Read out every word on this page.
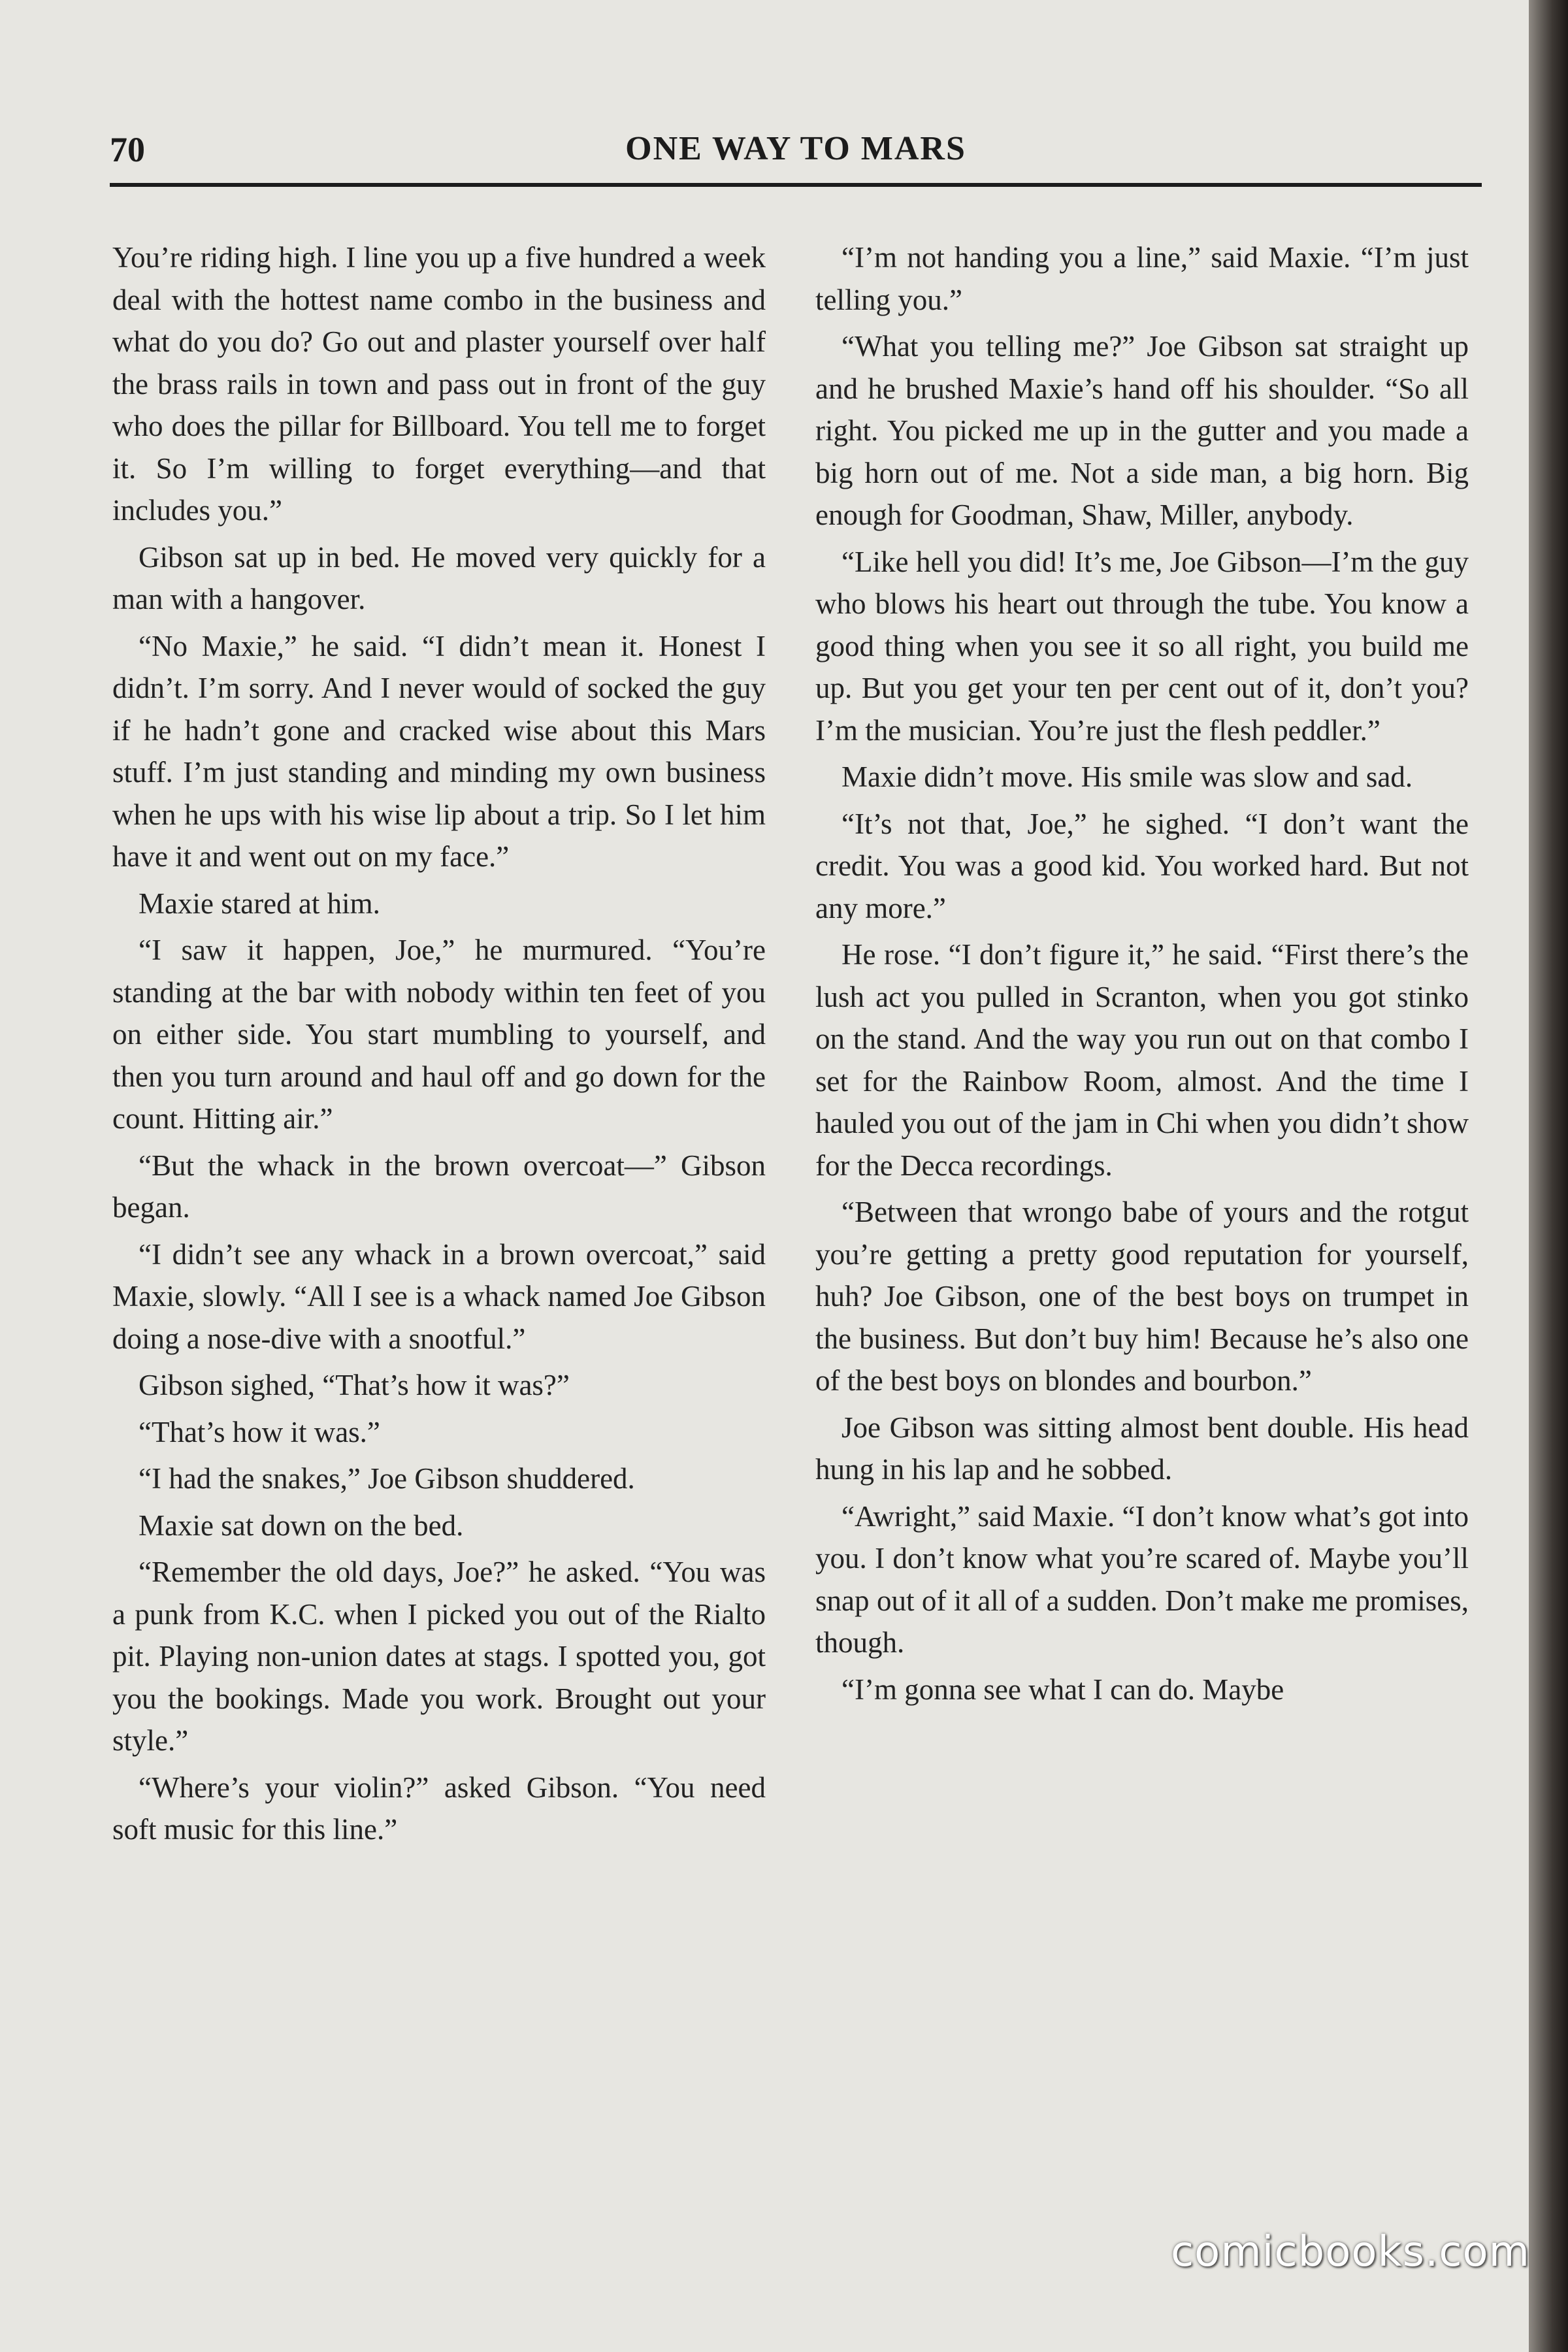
70	ONE WAY TO MARS

You’re riding high. I line you up a five hundred a week deal with the hottest name combo in the business and what do you do? Go out and plaster yourself over half the brass rails in town and pass out in front of the guy who does the pillar for Billboard. You tell me to forget it. So I’m willing to forget everything—and that includes you.”

Gibson sat up in bed. He moved very quickly for a man with a hangover.

“No Maxie,” he said. “I didn’t mean it. Honest I didn’t. I’m sorry. And I never would of socked the guy if he hadn’t gone and cracked wise about this Mars stuff. I’m just standing and minding my own business when he ups with his wise lip about a trip. So I let him have it and went out on my face.”

Maxie stared at him.

“I saw it happen, Joe,” he murmured. “You’re standing at the bar with nobody within ten feet of you on either side. You start mumbling to yourself, and then you turn around and haul off and go down for the count. Hitting air.”

“But the whack in the brown overcoat—” Gibson began.

“I didn’t see any whack in a brown overcoat,” said Maxie, slowly. “All I see is a whack named Joe Gibson doing a nose-dive with a snootful.”

Gibson sighed, “That’s how it was?”

“That’s how it was.”

“I had the snakes,” Joe Gibson shuddered.

Maxie sat down on the bed.

“Remember the old days, Joe?” he asked. “You was a punk from K.C. when I picked you out of the Rialto pit. Playing non-union dates at stags. I spotted you, got you the bookings. Made you work. Brought out your style.”

“Where’s your violin?” asked Gibson. “You need soft music for this line.”

“I’m not handing you a line,” said Maxie. “I’m just telling you.”

“What you telling me?” Joe Gibson sat straight up and he brushed Maxie’s hand off his shoulder. “So all right. You picked me up in the gutter and you made a big horn out of me. Not a side man, a big horn. Big enough for Goodman, Shaw, Miller, anybody.

“Like hell you did! It’s me, Joe Gibson—I’m the guy who blows his heart out through the tube. You know a good thing when you see it so all right, you build me up. But you get your ten per cent out of it, don’t you? I’m the musician. You’re just the flesh peddler.”

Maxie didn’t move. His smile was slow and sad.

“It’s not that, Joe,” he sighed. “I don’t want the credit. You was a good kid. You worked hard. But not any more.”

He rose. “I don’t figure it,” he said. “First there’s the lush act you pulled in Scranton, when you got stinko on the stand. And the way you run out on that combo I set for the Rainbow Room, almost. And the time I hauled you out of the jam in Chi when you didn’t show for the Decca recordings.

“Between that wrongo babe of yours and the rotgut you’re getting a pretty good reputation for yourself, huh? Joe Gibson, one of the best boys on trumpet in the business. But don’t buy him! Because he’s also one of the best boys on blondes and bourbon.”

Joe Gibson was sitting almost bent double. His head hung in his lap and he sobbed.

“Awright,” said Maxie. “I don’t know what’s got into you. I don’t know what you’re scared of. Maybe you’ll snap out of it all of a sudden. Don’t make me promises, though.

“I’m gonna see what I can do. Maybe

comicbooks.com
